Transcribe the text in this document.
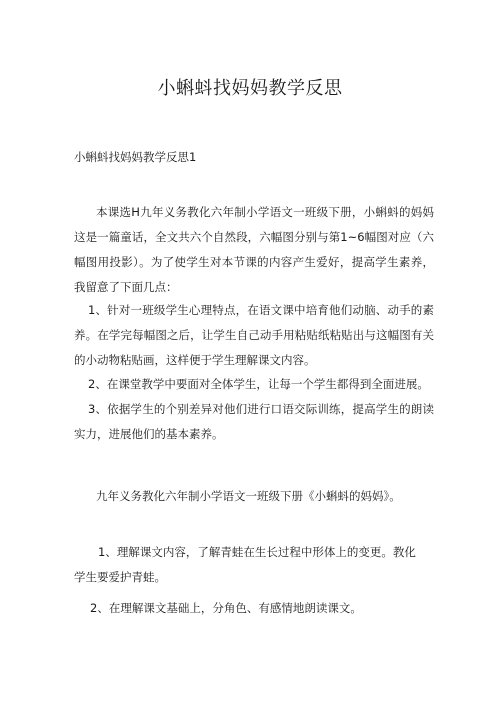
小蝌蚪找妈妈教学反思
小蝌蚪找妈妈教学反思1

本课选H九年义务教化六年制小学语文一班级下册，小蝌蚪的妈妈这是一篇童话，全文共六个自然段，六幅图分别与第1~6幅图对应（六幅图用投影）。为了使学生对本节课的内容产生爱好，提高学生素养，我留意了下面几点：

1、针对一班级学生心理特点，在语文课中培育他们动脑、动手的素养。在学完每幅图之后，让学生自己动手用粘贴纸粘贴出与这幅图有关的小动物粘贴画，这样便于学生理解课文内容。

2、在课堂教学中要面对全体学生，让每一个学生都得到全面进展。

3、依据学生的个别差异对他们进行口语交际训练，提高学生的朗读实力，进展他们的基本素养。

九年义务教化六年制小学语文一班级下册《小蝌蚪的妈妈》。

1、理解课文内容，了解青蛙在生长过程中形体上的变更。教化
学生要爱护青蛙。

2、在理解课文基础上，分角色、有感情地朗读课文。
